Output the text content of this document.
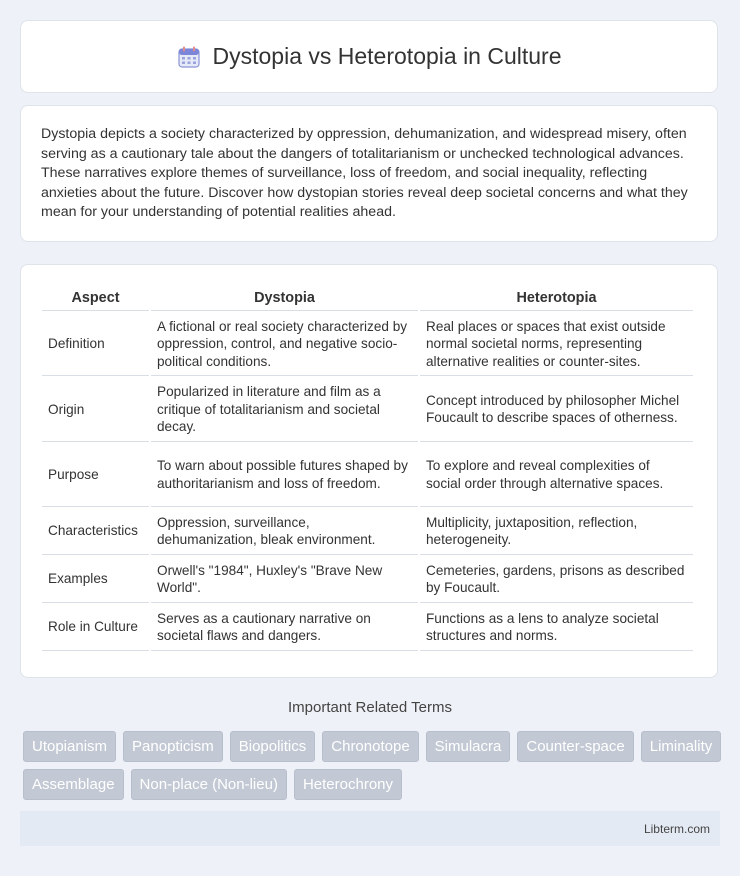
Dystopia vs Heterotopia in Culture
Dystopia depicts a society characterized by oppression, dehumanization, and widespread misery, often serving as a cautionary tale about the dangers of totalitarianism or unchecked technological advances. These narratives explore themes of surveillance, loss of freedom, and social inequality, reflecting anxieties about the future. Discover how dystopian stories reveal deep societal concerns and what they mean for your understanding of potential realities ahead.
Aspect	Dystopia	Heterotopia
Definition	A fictional or real society characterized by oppression, control, and negative socio-political conditions.	Real places or spaces that exist outside normal societal norms, representing alternative realities or counter-sites.
Origin	Popularized in literature and film as a critique of totalitarianism and societal decay.	Concept introduced by philosopher Michel Foucault to describe spaces of otherness.
Purpose	To warn about possible futures shaped by authoritarianism and loss of freedom.	To explore and reveal complexities of social order through alternative spaces.
Characteristics	Oppression, surveillance, dehumanization, bleak environment.	Multiplicity, juxtaposition, reflection, heterogeneity.
Examples	Orwell's "1984", Huxley's "Brave New World".	Cemeteries, gardens, prisons as described by Foucault.
Role in Culture	Serves as a cautionary narrative on societal flaws and dangers.	Functions as a lens to analyze societal structures and norms.
Important Related Terms
Utopianism	Panopticism	Biopolitics	Chronotope	Simulacra	Counter-space	Liminality
Assemblage	Non-place (Non-lieu)	Heterochrony
Libterm.com
